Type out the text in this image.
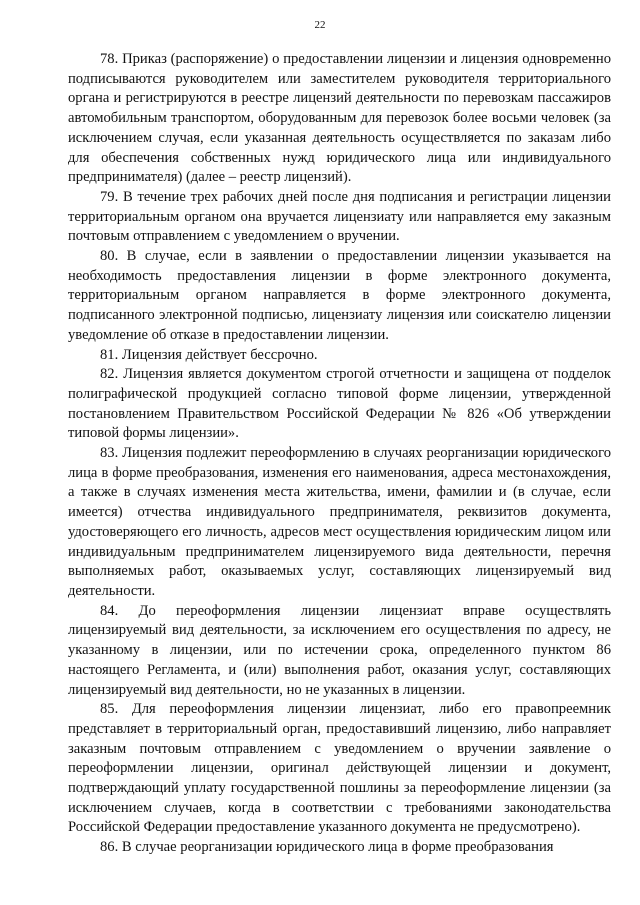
22

78. Приказ (распоряжение) о предоставлении лицензии и лицензия одновременно подписываются руководителем или заместителем руководителя территориального органа и регистрируются в реестре лицензий деятельности по перевозкам пассажиров автомобильным транспортом, оборудованным для перевозок более восьми человек (за исключением случая, если указанная деятельность осуществляется по заказам либо для обеспечения собственных нужд юридического лица или индивидуального предпринимателя) (далее – реестр лицензий).

79. В течение трех рабочих дней после дня подписания и регистрации лицензии территориальным органом она вручается лицензиату или направляется ему заказным почтовым отправлением с уведомлением о вручении.

80. В случае, если в заявлении о предоставлении лицензии указывается на необходимость предоставления лицензии в форме электронного документа, территориальным органом направляется в форме электронного документа, подписанного электронной подписью, лицензиату лицензия или соискателю лицензии уведомление об отказе в предоставлении лицензии.

81. Лицензия действует бессрочно.

82. Лицензия является документом строгой отчетности и защищена от подделок полиграфической продукцией согласно типовой форме лицензии, утвержденной постановлением Правительством Российской Федерации № 826 «Об утверждении типовой формы лицензии».

83. Лицензия подлежит переоформлению в случаях реорганизации юридического лица в форме преобразования, изменения его наименования, адреса местонахождения, а также в случаях изменения места жительства, имени, фамилии и (в случае, если имеется) отчества индивидуального предпринимателя, реквизитов документа, удостоверяющего его личность, адресов мест осуществления юридическим лицом или индивидуальным предпринимателем лицензируемого вида деятельности, перечня выполняемых работ, оказываемых услуг, составляющих лицензируемый вид деятельности.

84. До переоформления лицензии лицензиат вправе осуществлять лицензируемый вид деятельности, за исключением его осуществления по адресу, не указанному в лицензии, или по истечении срока, определенного пунктом 86 настоящего Регламента, и (или) выполнения работ, оказания услуг, составляющих лицензируемый вид деятельности, но не указанных в лицензии.

85. Для переоформления лицензии лицензиат, либо его правопреемник представляет в территориальный орган, предоставивший лицензию, либо направляет заказным почтовым отправлением с уведомлением о вручении заявление о переоформлении лицензии, оригинал действующей лицензии и документ, подтверждающий уплату государственной пошлины за переоформление лицензии (за исключением случаев, когда в соответствии с требованиями законодательства Российской Федерации предоставление указанного документа не предусмотрено).

86. В случае реорганизации юридического лица в форме преобразования
